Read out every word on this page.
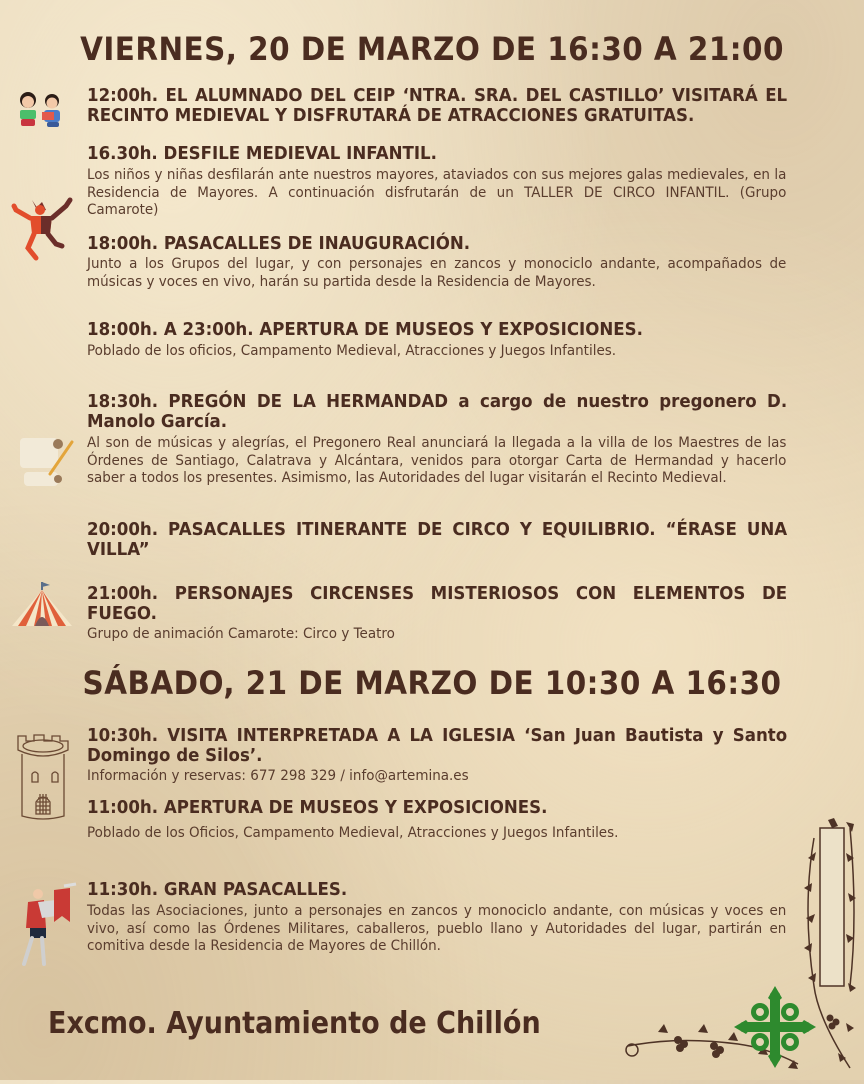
VIERNES, 20 DE MARZO DE 16:30 A 21:00
12:00h. EL ALUMNADO DEL CEIP ‘NTRA. SRA. DEL CASTILLO’ VISITARÁ EL RECINTO MEDIEVAL Y DISFRUTARÁ DE ATRACCIONES GRATUITAS.
16.30h. DESFILE MEDIEVAL INFANTIL.
Los niños y niñas desfilarán ante nuestros mayores, ataviados con sus mejores galas medievales, en la Residencia de Mayores. A continuación disfrutarán de un TALLER DE CIRCO INFANTIL. (Grupo Camarote)
18:00h. PASACALLES DE INAUGURACIÓN.
Junto a los Grupos del lugar, y con personajes en zancos y monociclo andante, acompañados de músicas y voces en vivo, harán su partida desde la Residencia de Mayores.
18:00h. A 23:00h. APERTURA DE MUSEOS Y EXPOSICIONES.
Poblado de los oficios, Campamento Medieval, Atracciones y Juegos Infantiles.
18:30h. PREGÓN DE LA HERMANDAD a cargo de nuestro pregonero D. Manolo García.
Al son de músicas y alegrías, el Pregonero Real anunciará la llegada a la villa de los Maestres de las Órdenes de Santiago, Calatrava y Alcántara, venidos para otorgar Carta de Hermandad y hacerlo saber a todos los presentes. Asimismo, las Autoridades del lugar visitarán el Recinto Medieval.
20:00h. PASACALLES ITINERANTE DE CIRCO Y EQUILIBRIO. “ÉRASE UNA VILLA”
21:00h. PERSONAJES CIRCENSES MISTERIOSOS CON ELEMENTOS DE FUEGO.
Grupo de animación Camarote: Circo y Teatro
SÁBADO, 21 DE MARZO DE 10:30 A 16:30
10:30h. VISITA INTERPRETADA A LA IGLESIA ‘San Juan Bautista y Santo Domingo de Silos’.
Información y reservas: 677 298 329 / info@artemina.es
11:00h. APERTURA DE MUSEOS Y EXPOSICIONES.
Poblado de los Oficios, Campamento Medieval, Atracciones y Juegos Infantiles.
11:30h. GRAN PASACALLES.
Todas las Asociaciones, junto a personajes en zancos y monociclo andante, con músicas y voces en vivo, así como las Órdenes Militares, caballeros, pueblo llano y Autoridades del lugar, partirán en comitiva desde la Residencia de Mayores de Chillón.
Excmo. Ayuntamiento de Chillón
